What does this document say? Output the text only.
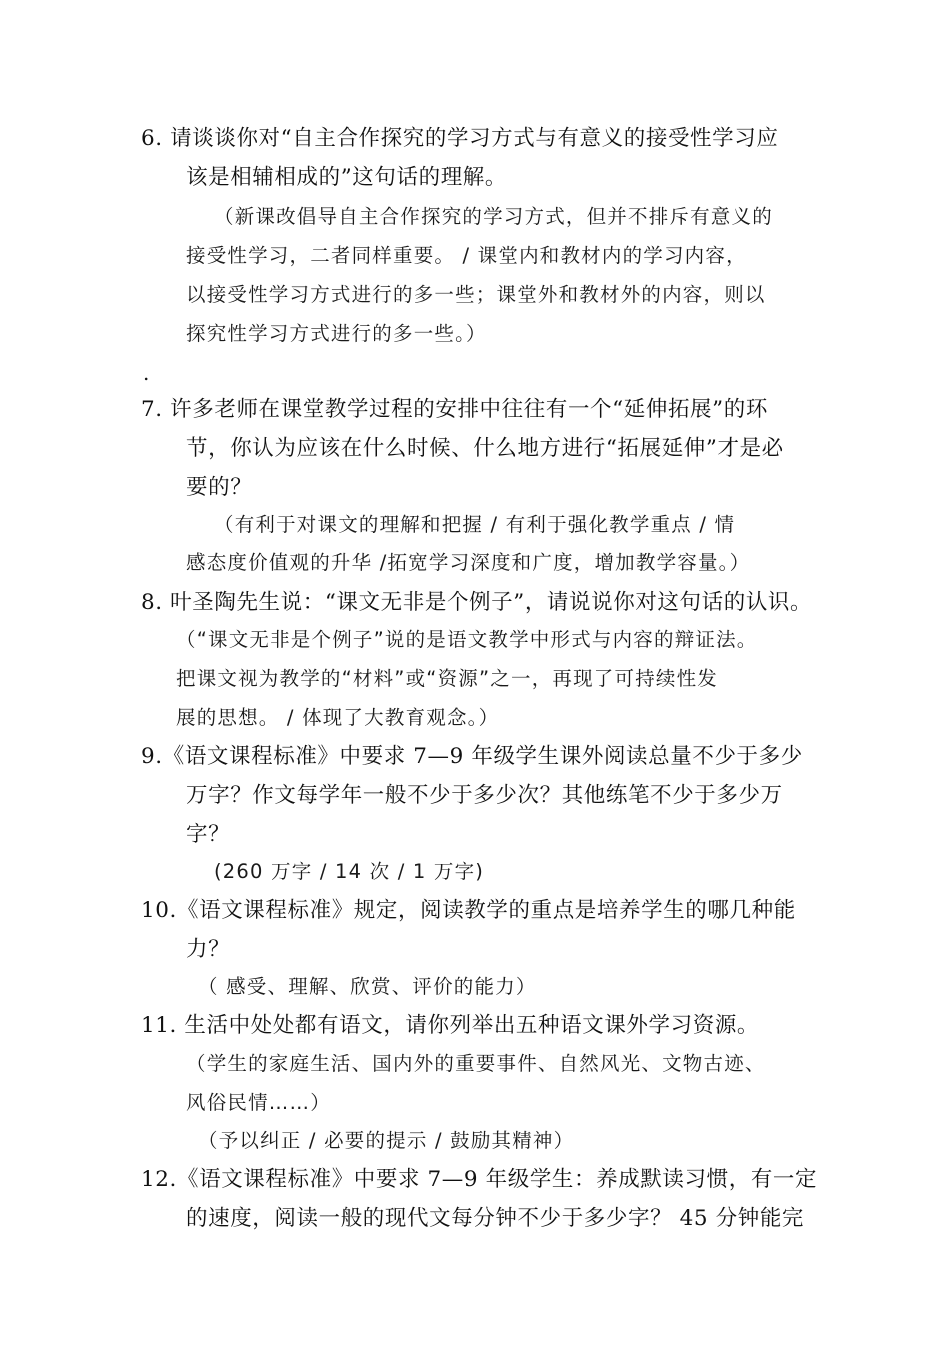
6. 请谈谈你对“自主合作探究的学习方式与有意义的接受性学习应
该是相辅相成的”这句话的理解。
（新课改倡导自主合作探究的学习方式，但并不排斥有意义的
接受性学习，二者同样重要。 / 课堂内和教材内的学习内容，
以接受性学习方式进行的多一些；课堂外和教材外的内容，则以
探究性学习方式进行的多一些。）
.
7. 许多老师在课堂教学过程的安排中往往有一个“延伸拓展”的环
节，你认为应该在什么时候、什么地方进行“拓展延伸”才是必
要的？
（有利于对课文的理解和把握 / 有利于强化教学重点 / 情
感态度价值观的升华 /拓宽学习深度和广度，增加教学容量。）
8. 叶圣陶先生说：“课文无非是个例子”，请说说你对这句话的认识。
（“课文无非是个例子”说的是语文教学中形式与内容的辩证法。
把课文视为教学的“材料”或“资源”之一，再现了可持续性发
展的思想。 / 体现了大教育观念。）
9.《语文课程标准》中要求 7—9 年级学生课外阅读总量不少于多少
万字？作文每学年一般不少于多少次？其他练笔不少于多少万
字？
(260 万字 / 14 次 / 1 万字)
10.《语文课程标准》规定，阅读教学的重点是培养学生的哪几种能
力？
（ 感受、理解、欣赏、评价的能力）
11. 生活中处处都有语文，请你列举出五种语文课外学习资源。
（学生的家庭生活、国内外的重要事件、自然风光、文物古迹、
风俗民情……）
（予以纠正 / 必要的提示 / 鼓励其精神）
12.《语文课程标准》中要求 7—9 年级学生：养成默读习惯，有一定
的速度，阅读一般的现代文每分钟不少于多少字？ 45 分钟能完
